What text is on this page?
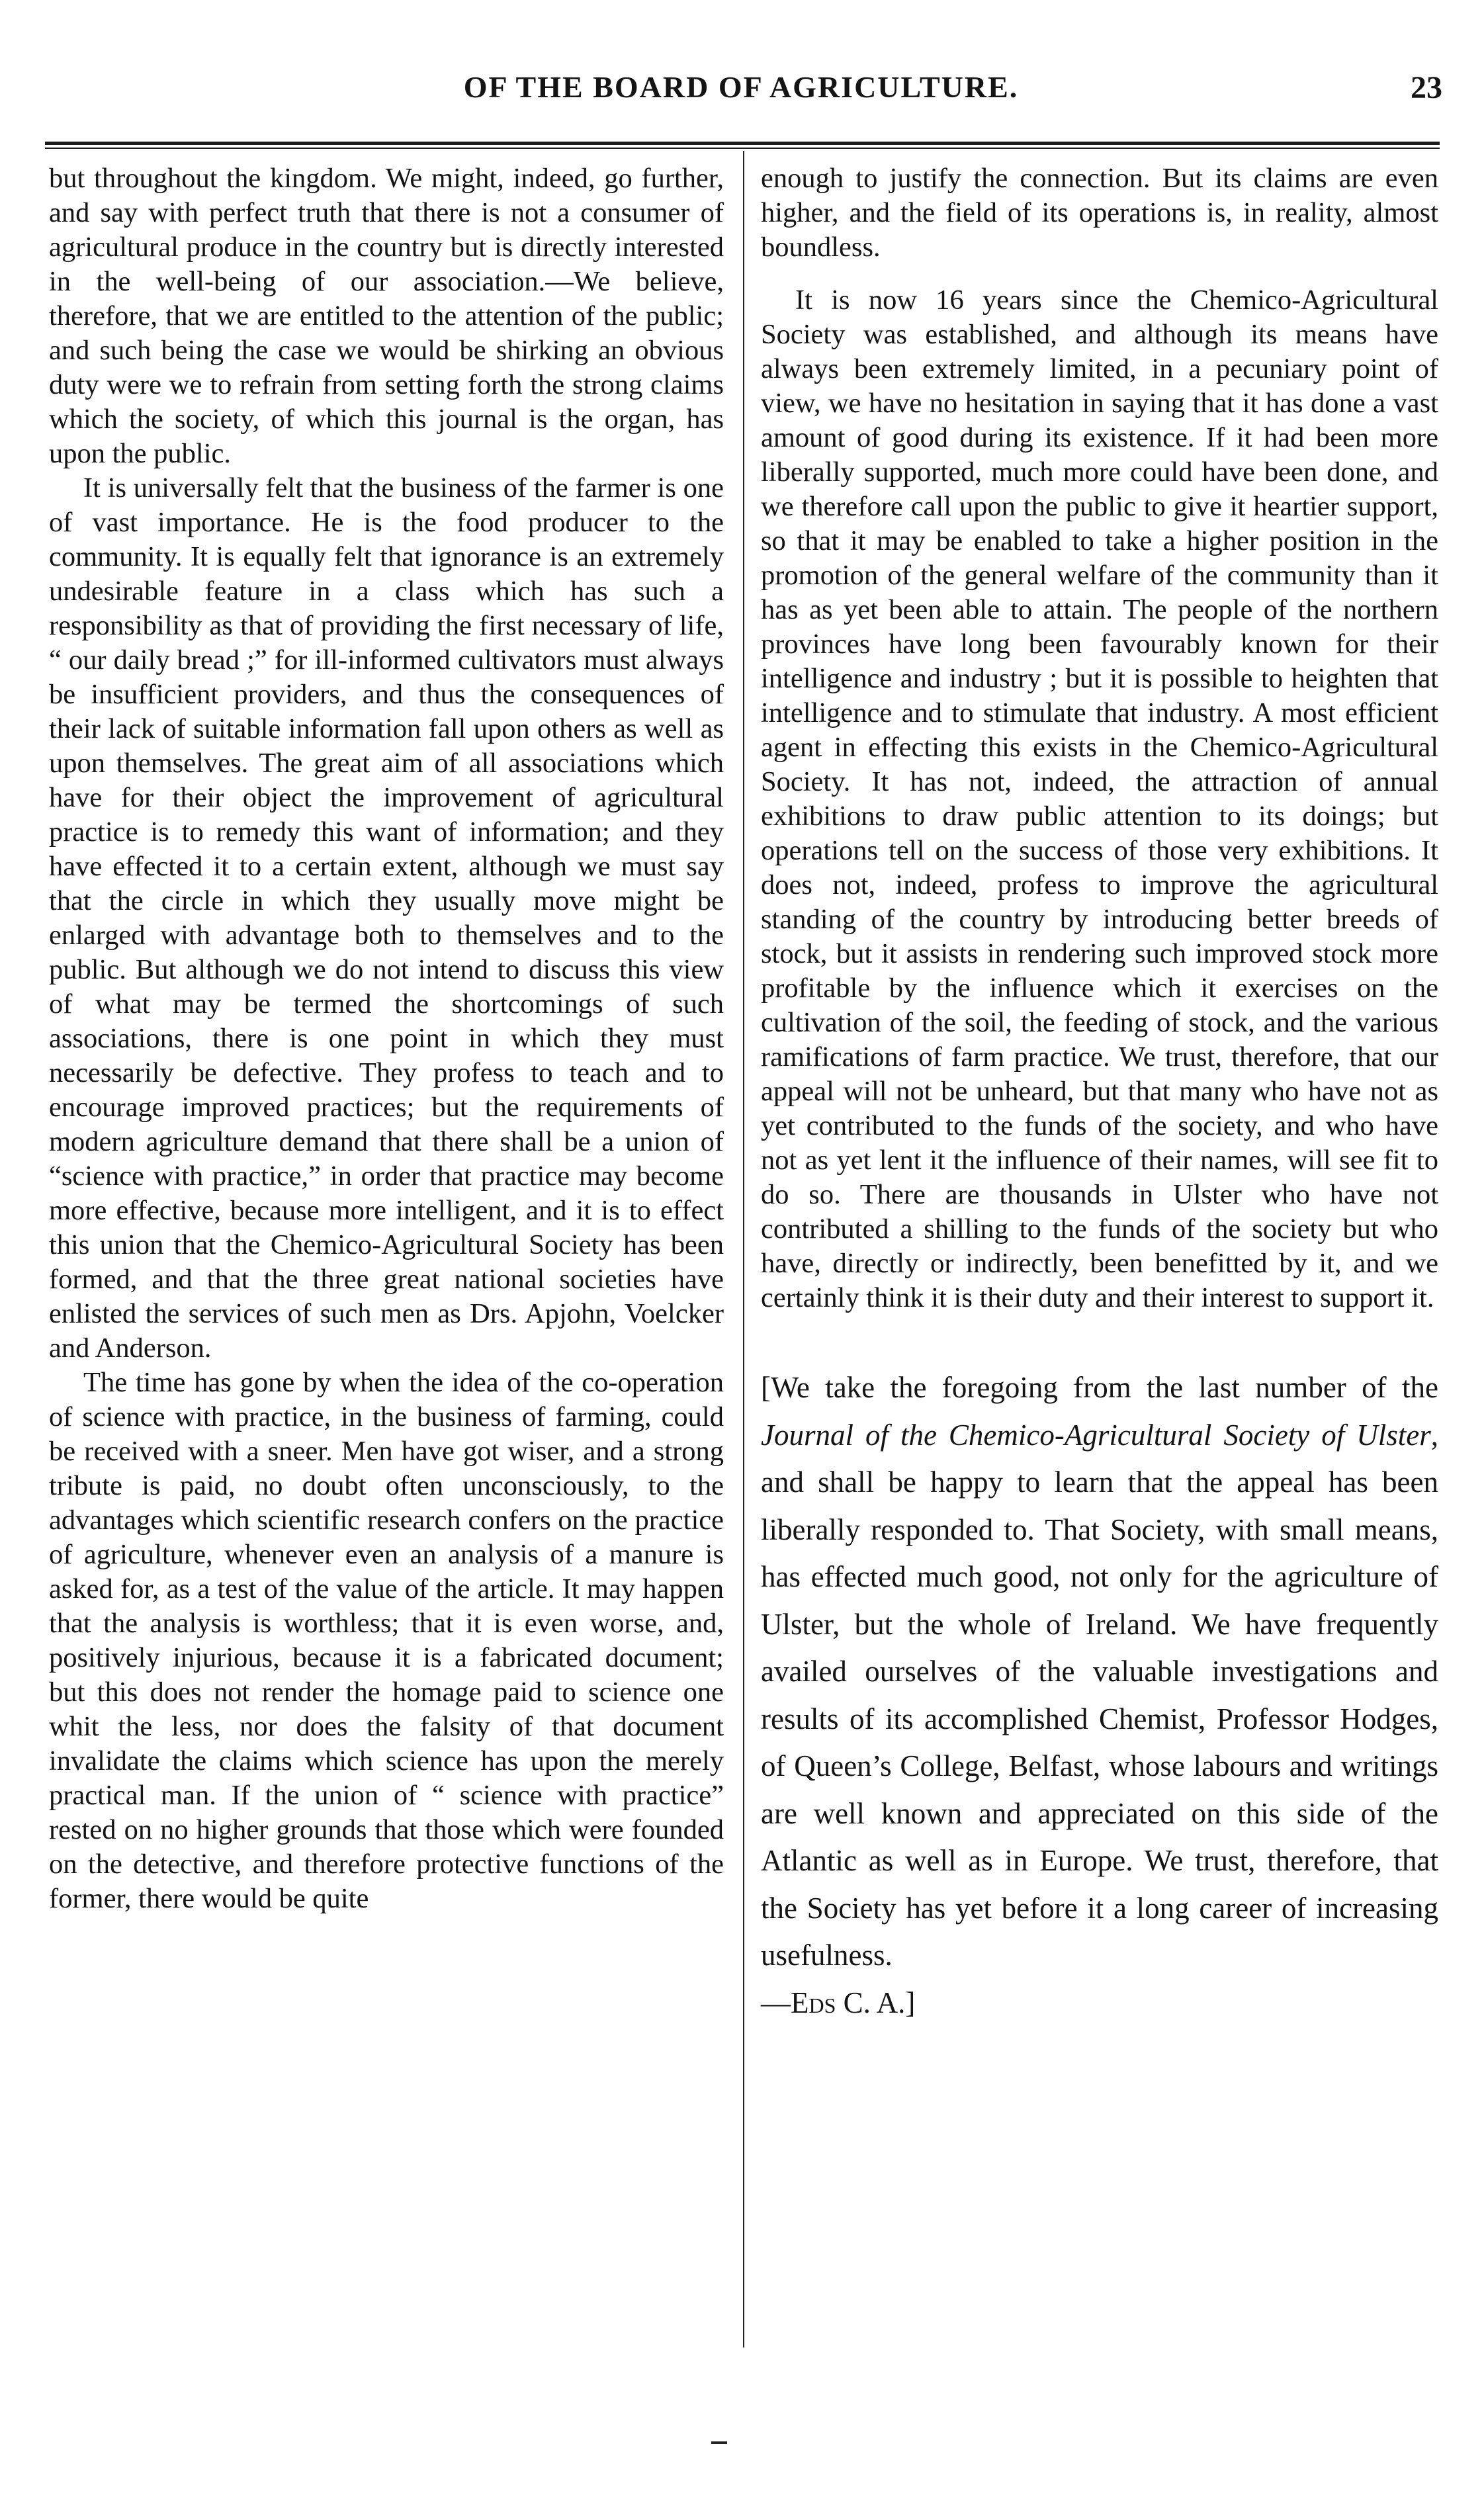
OF THE BOARD OF AGRICULTURE.	23

but throughout the kingdom. We might, indeed, go further, and say with perfect truth that there is not a consumer of agricultural produce in the country but is directly interested in the well-being of our association.—We believe, therefore, that we are entitled to the attention of the public; and such being the case we would be shirking an obvious duty were we to refrain from setting forth the strong claims which the society, of which this journal is the organ, has upon the public.

It is universally felt that the business of the farmer is one of vast importance. He is the food producer to the community. It is equally felt that ignorance is an extremely undesirable feature in a class which has such a responsibility as that of providing the first necessary of life, “ our daily bread ;” for ill-informed cultivators must always be insufficient providers, and thus the consequences of their lack of suitable information fall upon others as well as upon themselves. The great aim of all associations which have for their object the improvement of agricultural practice is to remedy this want of information; and they have effected it to a certain extent, although we must say that the circle in which they usually move might be enlarged with advantage both to themselves and to the public. But although we do not intend to discuss this view of what may be termed the shortcomings of such associations, there is one point in which they must necessarily be defective. They profess to teach and to encourage improved practices; but the requirements of modern agriculture demand that there shall be a union of “science with practice,” in order that practice may become more effective, because more intelligent, and it is to effect this union that the Chemico-Agricultural Society has been formed, and that the three great national societies have enlisted the services of such men as Drs. Apjohn, Voelcker and Anderson.

The time has gone by when the idea of the co-operation of science with practice, in the business of farming, could be received with a sneer. Men have got wiser, and a strong tribute is paid, no doubt often unconsciously, to the advantages which scientific research confers on the practice of agriculture, whenever even an analysis of a manure is asked for, as a test of the value of the article. It may happen that the analysis is worthless; that it is even worse, and, positively injurious, because it is a fabricated document; but this does not render the homage paid to science one whit the less, nor does the falsity of that document invalidate the claims which science has upon the merely practical man. If the union of “ science with practice” rested on no higher grounds that those which were founded on the detective, and therefore protective functions of the former, there would be quite

enough to justify the connection. But its claims are even higher, and the field of its operations is, in reality, almost boundless.

It is now 16 years since the Chemico-Agricultural Society was established, and although its means have always been extremely limited, in a pecuniary point of view, we have no hesitation in saying that it has done a vast amount of good during its existence. If it had been more liberally supported, much more could have been done, and we therefore call upon the public to give it heartier support, so that it may be enabled to take a higher position in the promotion of the general welfare of the community than it has as yet been able to attain. The people of the northern provinces have long been favourably known for their intelligence and industry ; but it is possible to heighten that intelligence and to stimulate that industry. A most efficient agent in effecting this exists in the Chemico-Agricultural Society. It has not, indeed, the attraction of annual exhibitions to draw public attention to its doings; but operations tell on the success of those very exhibitions. It does not, indeed, profess to improve the agricultural standing of the country by introducing better breeds of stock, but it assists in rendering such improved stock more profitable by the influence which it exercises on the cultivation of the soil, the feeding of stock, and the various ramifications of farm practice. We trust, therefore, that our appeal will not be unheard, but that many who have not as yet contributed to the funds of the society, and who have not as yet lent it the influence of their names, will see fit to do so. There are thousands in Ulster who have not contributed a shilling to the funds of the society but who have, directly or indirectly, been benefitted by it, and we certainly think it is their duty and their interest to support it.

[We take the foregoing from the last number of the Journal of the Chemico-Agricultural Society of Ulster, and shall be happy to learn that the appeal has been liberally responded to. That Society, with small means, has effected much good, not only for the agriculture of Ulster, but the whole of Ireland. We have frequently availed ourselves of the valuable investigations and results of its accomplished Chemist, Professor Hodges, of Queen’s College, Belfast, whose labours and writings are well known and appreciated on this side of the Atlantic as well as in Europe. We trust, therefore, that the Society has yet before it a long career of increasing usefulness.
—Eds C. A.]
